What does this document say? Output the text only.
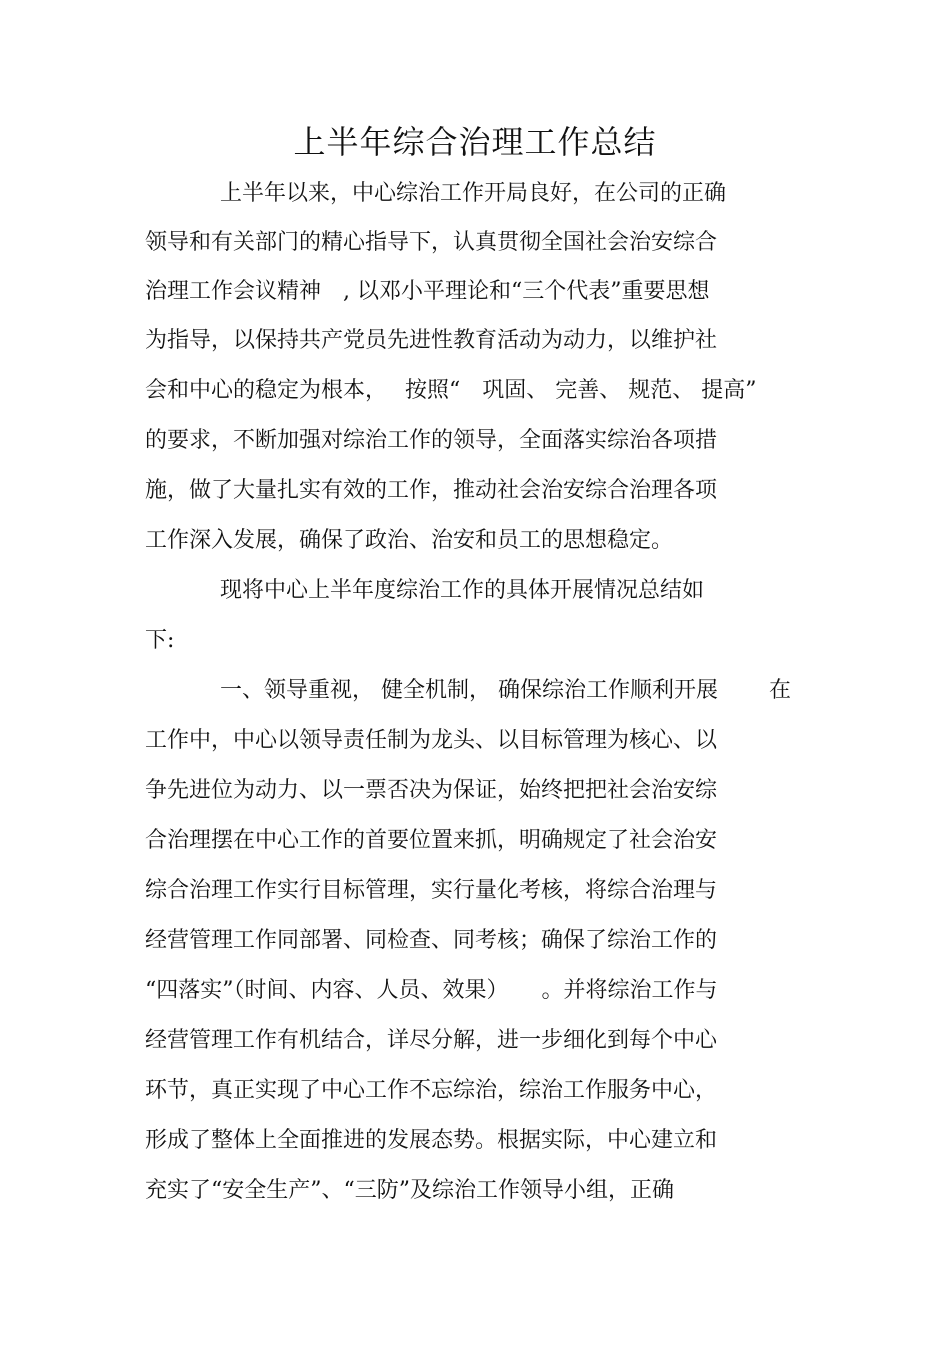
上半年综合治理工作总结
上半年以来，中心综治工作开局良好，在公司的正确
领导和有关部门的精心指导下，认真贯彻全国社会治安综合
治理工作会议精神　, 以邓小平理论和“三个代表”重要思想
为指导，以保持共产党员先进性教育活动为动力，以维护社
会和中心的稳定为根本，　 按照“　巩固、 完善、 规范、 提高”
的要求，不断加强对综治工作的领导，全面落实综治各项措
施，做了大量扎实有效的工作，推动社会治安综合治理各项
工作深入发展，确保了政治、治安和员工的思想稳定。
现将中心上半年度综治工作的具体开展情况总结如
下:
一、领导重视， 健全机制， 确保综治工作顺利开展　　 在
工作中，中心以领导责任制为龙头、以目标管理为核心、以
争先进位为动力、以一票否决为保证，始终把把社会治安综
合治理摆在中心工作的首要位置来抓，明确规定了社会治安
综合治理工作实行目标管理，实行量化考核，将综合治理与
经营管理工作同部署、同检查、同考核；确保了综治工作的
“四落实”（时间、内容、人员、效果）　　。并将综治工作与
经营管理工作有机结合，详尽分解，进一步细化到每个中心
环节，真正实现了中心工作不忘综治，综治工作服务中心，
形成了整体上全面推进的发展态势。根据实际，中心建立和
充实了“安全生产”、“三防”及综治工作领导小组，正确
